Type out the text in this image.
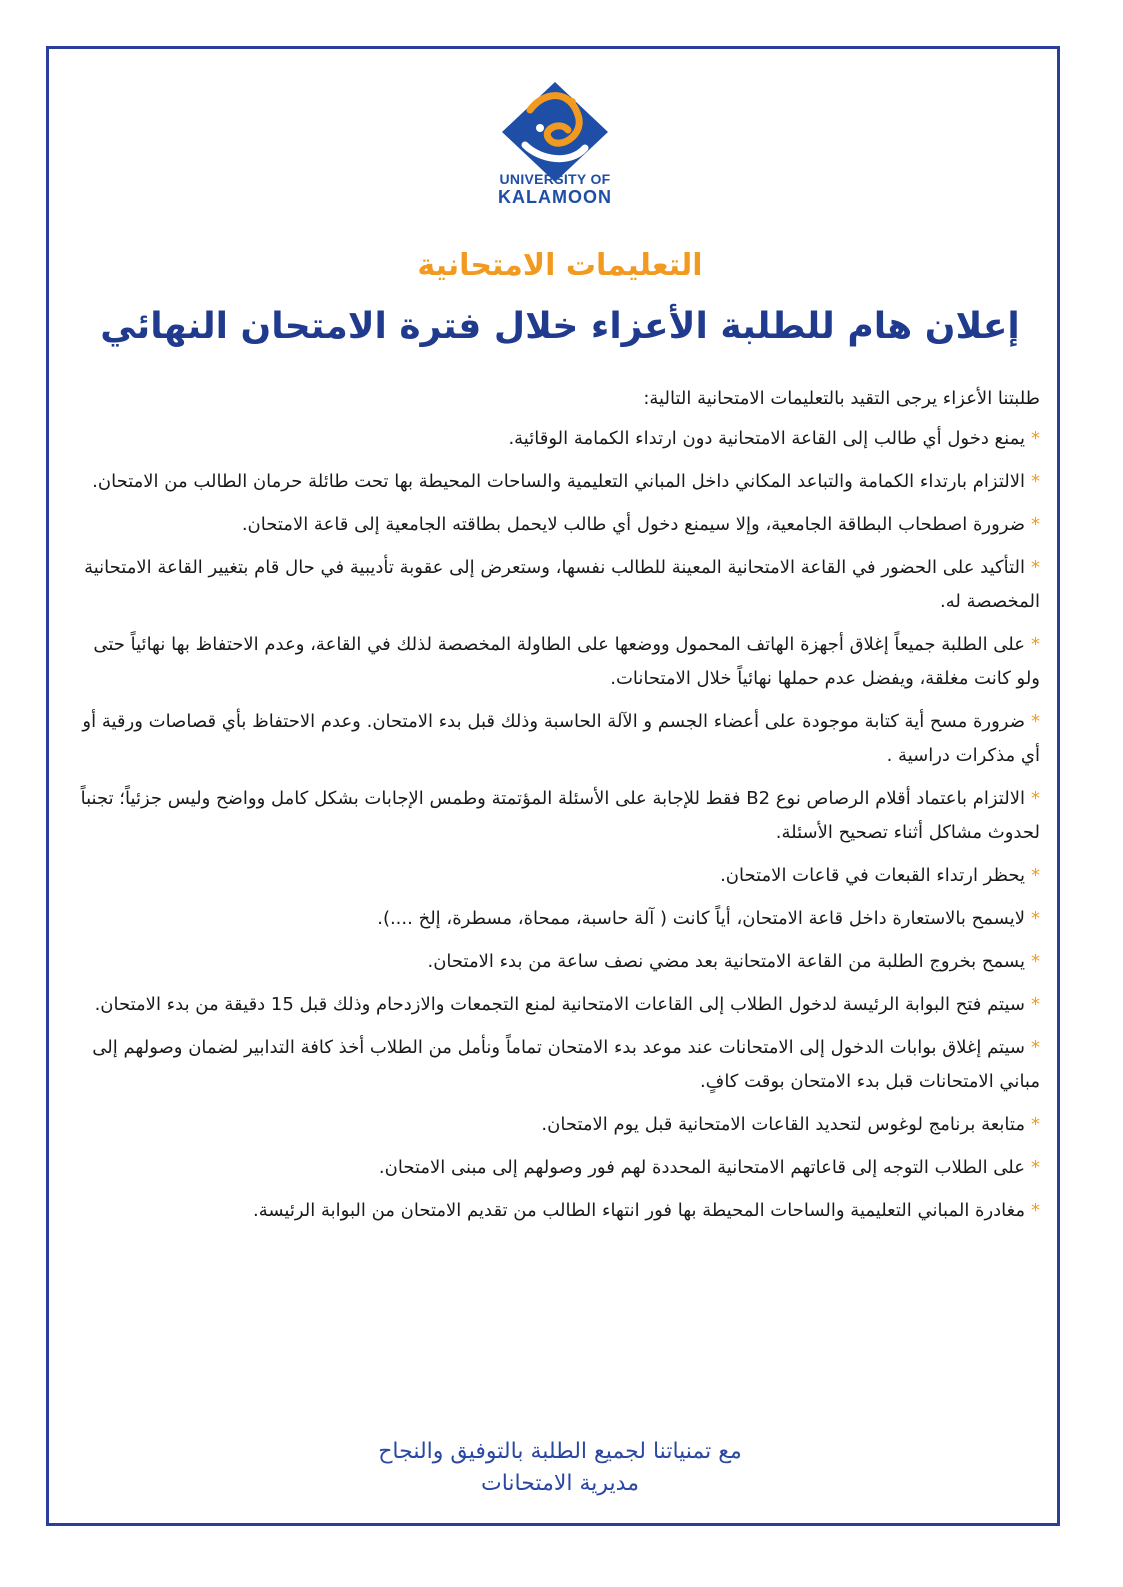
UNIVERSITY OF
KALAMOON
التعليمات الامتحانية
إعلان هام للطلبة الأعزاء خلال فترة الامتحان النهائي

طلبتنا الأعزاء يرجى التقيد بالتعليمات الامتحانية التالية:

*يمنع دخول أي طالب إلى القاعة الامتحانية دون ارتداء الكمامة الوقائية.

*الالتزام بارتداء الكمامة والتباعد المكاني داخل المباني التعليمية والساحات المحيطة بها تحت طائلة حرمان الطالب من الامتحان.

*ضرورة اصطحاب البطاقة الجامعية، وإلا سيمنع دخول أي طالب لايحمل بطاقته الجامعية إلى قاعة الامتحان.

*التأكيد على الحضور في القاعة الامتحانية المعينة للطالب نفسها، وستعرض إلى عقوبة تأديبية في حال قام بتغيير القاعة الامتحانية المخصصة له.

*على الطلبة جميعاً إغلاق أجهزة الهاتف المحمول ووضعها على الطاولة المخصصة لذلك في القاعة، وعدم الاحتفاظ بها نهائياً حتى ولو كانت مغلقة، ويفضل عدم حملها نهائياً خلال الامتحانات.

*ضرورة مسح أية كتابة موجودة على أعضاء الجسم و الآلة الحاسبة وذلك قبل بدء الامتحان. وعدم الاحتفاظ بأي قصاصات ورقية أو أي مذكرات دراسية .

*الالتزام باعتماد أقلام الرصاص نوع B2 فقط للإجابة على الأسئلة المؤتمتة وطمس الإجابات بشكل كامل وواضح وليس جزئياً؛ تجنباً لحدوث مشاكل أثناء تصحيح الأسئلة.

*يحظر ارتداء القبعات في قاعات الامتحان.

*لايسمح بالاستعارة داخل قاعة الامتحان، أياً كانت ( آلة حاسبة، ممحاة، مسطرة، إلخ ....).

*يسمح بخروج الطلبة من القاعة الامتحانية بعد مضي نصف ساعة من بدء الامتحان.

*سيتم فتح البوابة الرئيسة لدخول الطلاب إلى القاعات الامتحانية لمنع التجمعات والازدحام وذلك قبل 15 دقيقة من بدء الامتحان.

*سيتم إغلاق بوابات الدخول إلى الامتحانات عند موعد بدء الامتحان تماماً ونأمل من الطلاب أخذ كافة التدابير لضمان وصولهم إلى مباني الامتحانات قبل بدء الامتحان بوقت كافٍ.

*متابعة برنامج لوغوس لتحديد القاعات الامتحانية قبل يوم الامتحان.

*على الطلاب التوجه إلى قاعاتهم الامتحانية المحددة لهم فور وصولهم إلى مبنى الامتحان.

*مغادرة المباني التعليمية والساحات المحيطة بها فور انتهاء الطالب من تقديم الامتحان من البوابة الرئيسة.

مع تمنياتنا لجميع الطلبة بالتوفيق والنجاح
مديرية الامتحانات
